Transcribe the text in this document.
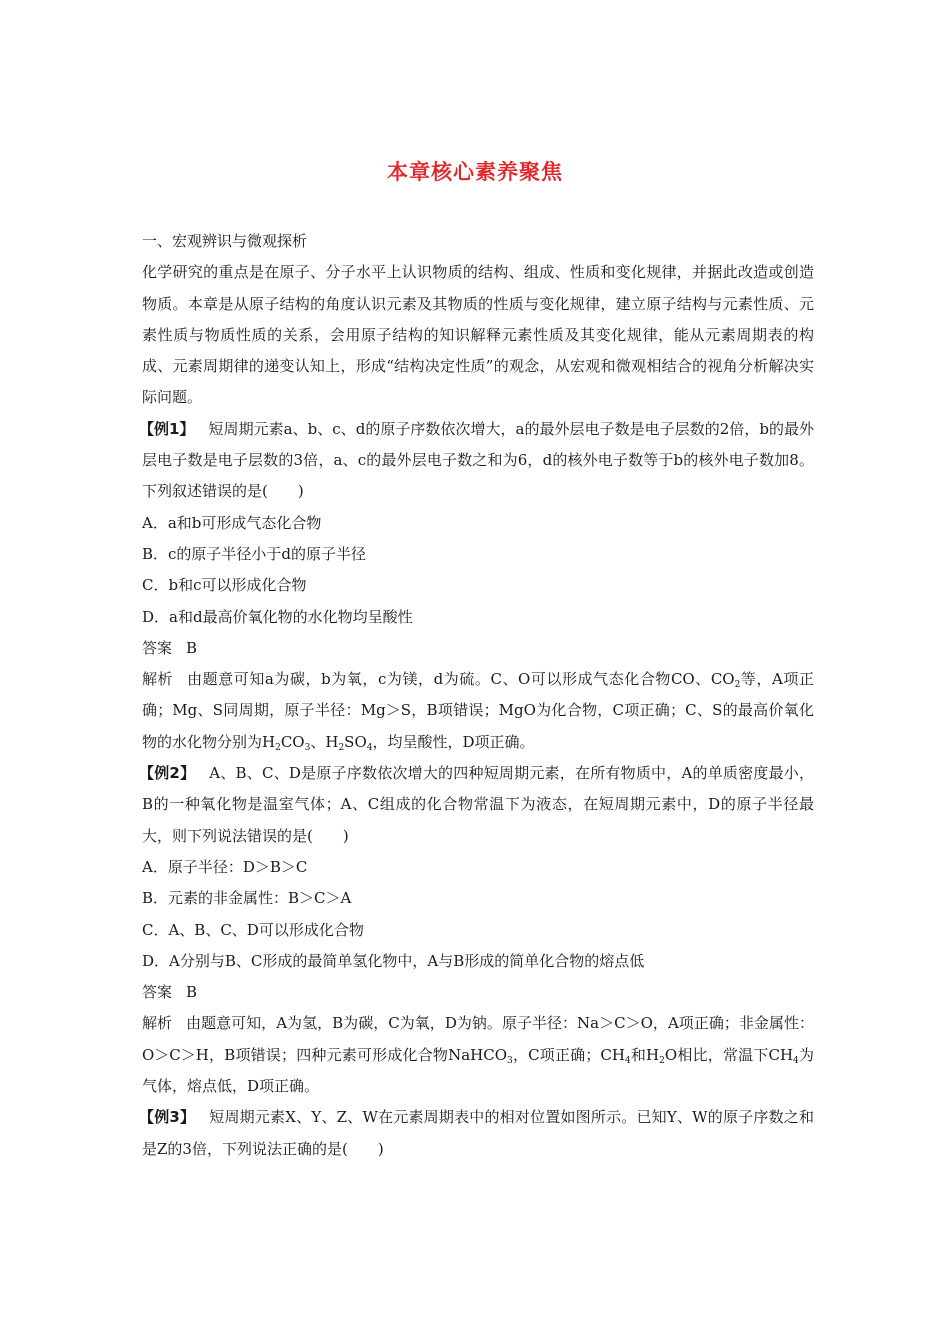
本章核心素养聚焦

一、宏观辨识与微观探析

化学研究的重点是在原子、分子水平上认识物质的结构、组成、性质和变化规律，并据此改造或创造物质。本章是从原子结构的角度认识元素及其物质的性质与变化规律，建立原子结构与元素性质、元素性质与物质性质的关系，会用原子结构的知识解释元素性质及其变化规律，能从元素周期表的构成、元素周期律的递变认知上，形成“结构决定性质”的观念，从宏观和微观相结合的视角分析解决实际问题。

【例1】 短周期元素a、b、c、d的原子序数依次增大，a的最外层电子数是电子层数的2倍，b的最外层电子数是电子层数的3倍，a、c的最外层电子数之和为6，d的核外电子数等于b的核外电子数加8。下列叙述错误的是(　　)

A．a和b可形成气态化合物

B．c的原子半径小于d的原子半径

C．b和c可以形成化合物

D．a和d最高价氧化物的水化物均呈酸性

答案 B

解析 由题意可知a为碳，b为氧，c为镁，d为硫。C、O可以形成气态化合物CO、$CO_2$等，A项正确；Mg、S同周期，原子半径：Mg＞S，B项错误；MgO为化合物，C项正确；C、S的最高价氧化物的水化物分别为$H_2CO_3$、$H_2SO_4$，均呈酸性，D项正确。

【例2】 A、B、C、D是原子序数依次增大的四种短周期元素，在所有物质中，A的单质密度最小，B的一种氧化物是温室气体；A、C组成的化合物常温下为液态，在短周期元素中，D的原子半径最大，则下列说法错误的是(　　)

A．原子半径：D＞B＞C

B．元素的非金属性：B＞C＞A

C．A、B、C、D可以形成化合物

D．A分别与B、C形成的最简单氢化物中，A与B形成的简单化合物的熔点低

答案 B

解析 由题意可知，A为氢，B为碳，C为氧，D为钠。原子半径：Na＞C＞O，A项正确；非金属性：O＞C＞H，B项错误；四种元素可形成化合物NaHCO$_3$，C项正确；$CH_4$和$H_2O$相比，常温下$CH_4$为气体，熔点低，D项正确。

【例3】 短周期元素X、Y、Z、W在元素周期表中的相对位置如图所示。已知Y、W的原子序数之和是Z的3倍，下列说法正确的是(　　)
